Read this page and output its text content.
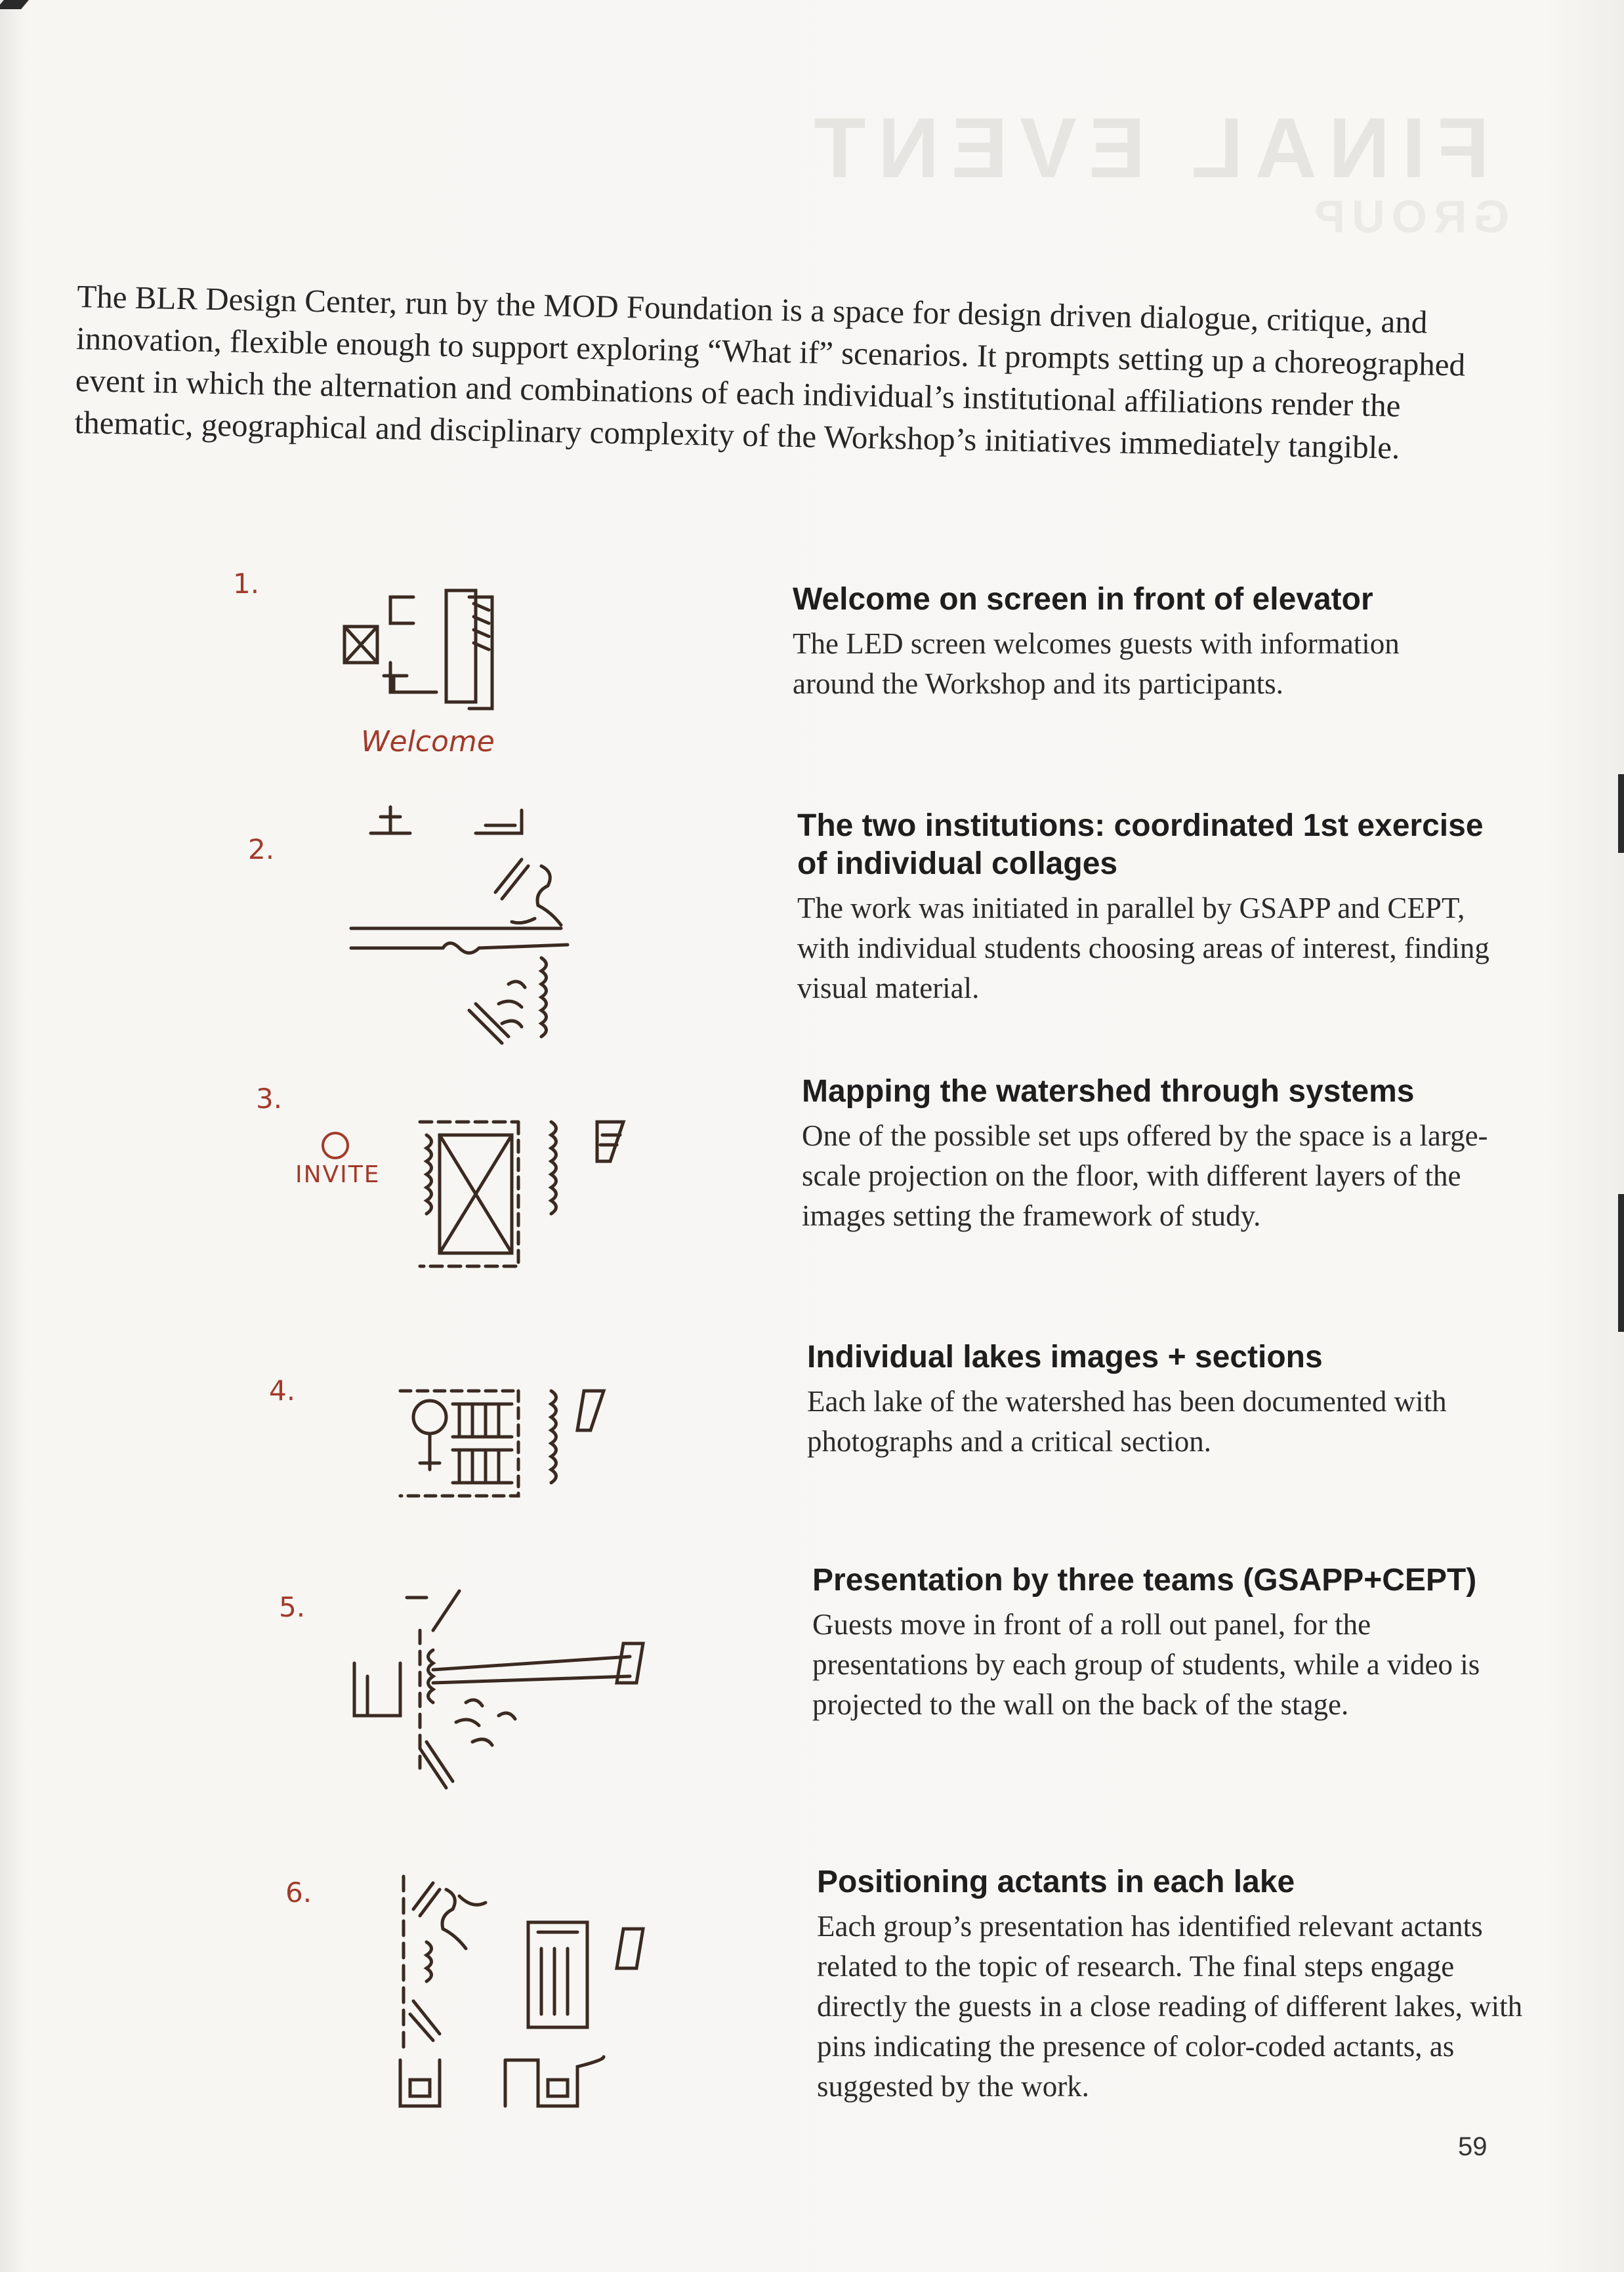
FINAL EVENT
GROUP
The BLR Design Center, run by the MOD Foundation is a space for design driven dialogue, critique, and innovation, flexible enough to support exploring “What if” scenarios. It prompts setting up a choreographed event in which the alternation and combinations of each individual’s institutional affiliations render the thematic, geographical and disciplinary complexity of the Workshop’s initiatives immediately tangible.
1.
Welcome
Welcome on screen in front of elevator
The LED screen welcomes guests with information around the Workshop and its participants.
2.
The two institutions: coordinated 1st exercise of individual collages
The work was initiated in parallel by GSAPP and CEPT, with individual students choosing areas of interest, finding visual material.
3.
INVITE
Mapping the watershed through systems
One of the possible set ups offered by the space is a large-scale projection on the floor, with different layers of the images setting the framework of study.
4.
Individual lakes images + sections
Each lake of the watershed has been documented with photographs and a critical section.
5.
Presentation by three teams (GSAPP+CEPT)
Guests move in front of a roll out panel, for the presentations by each group of students, while a video is projected to the wall on the back of the stage.
6.	Positioning actants in each lake
Each group’s presentation has identified relevant actants related to the topic of research. The final steps engage directly the guests in a close reading of different lakes, with pins indicating the presence of color-coded actants, as suggested by the work.
59
